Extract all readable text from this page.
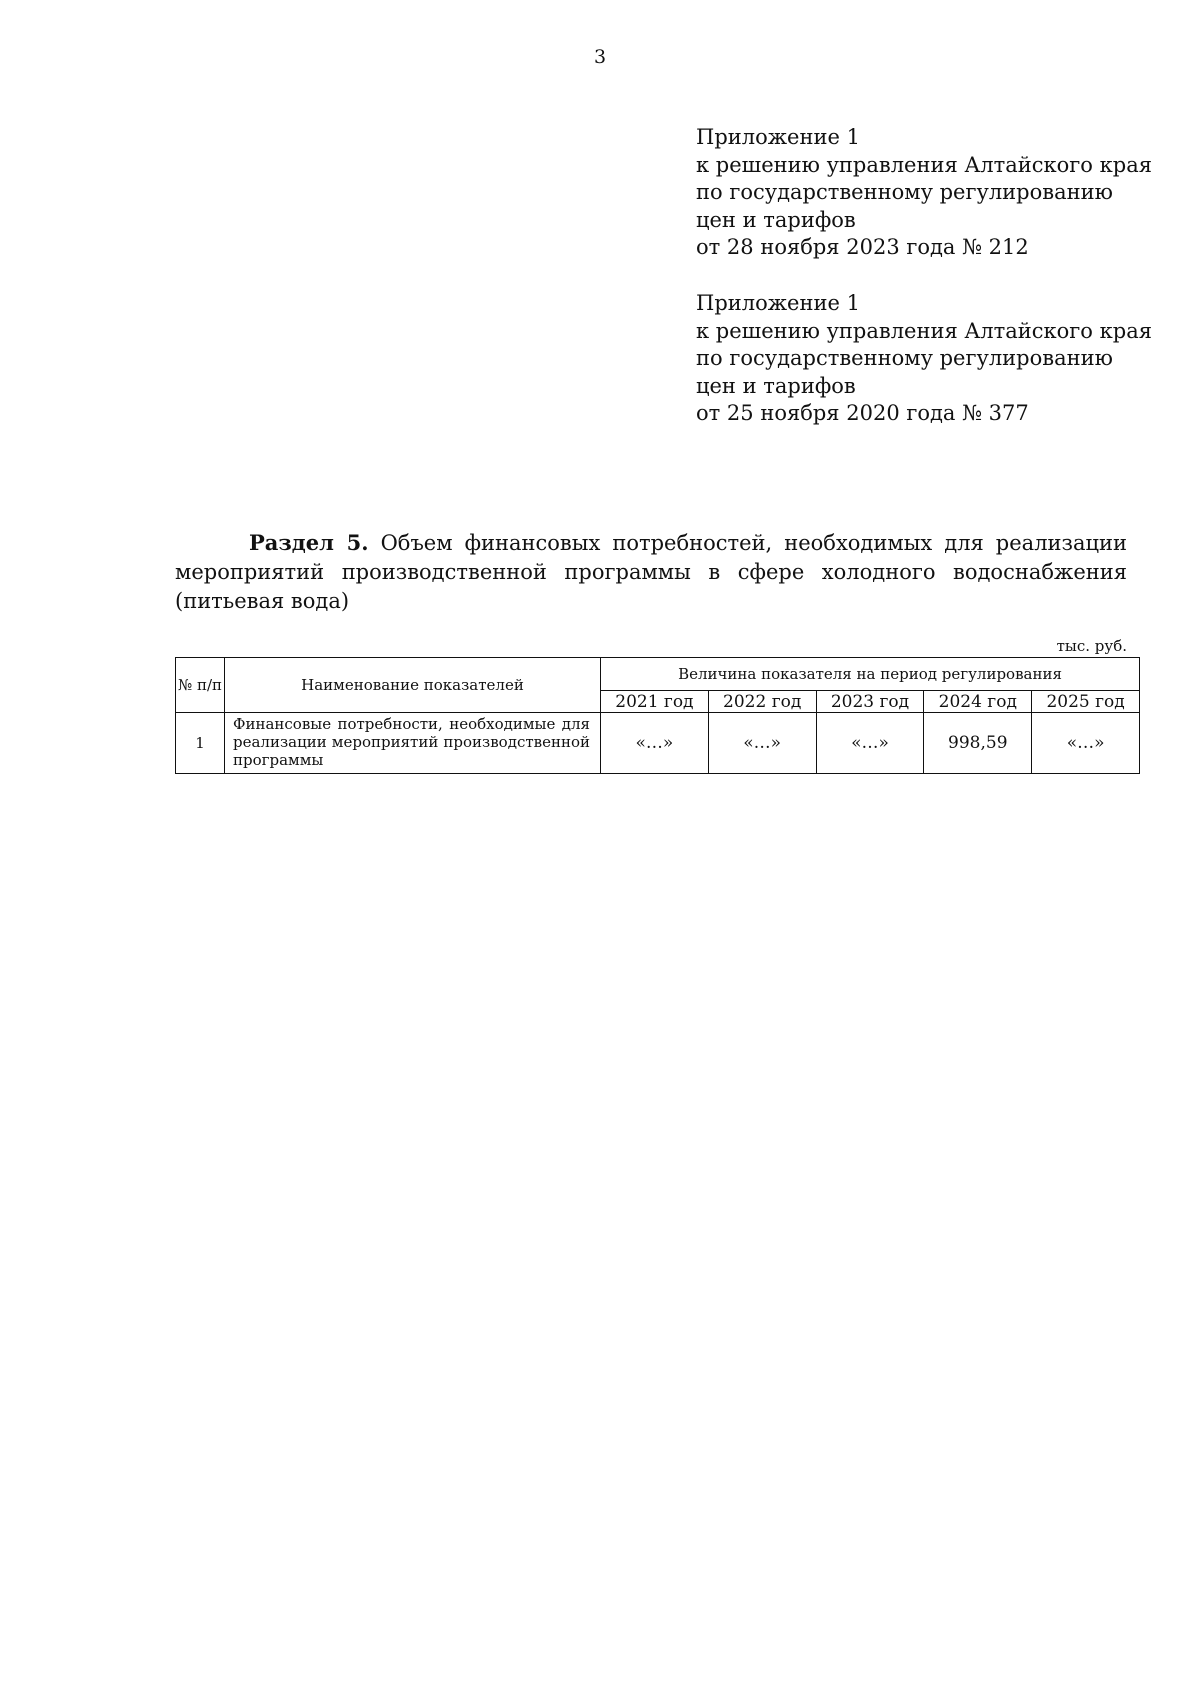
3
Приложение 1
к решению управления Алтайского края
по государственному регулированию
цен и тарифов
от 28 ноября 2023 года № 212
Приложение 1
к решению управления Алтайского края
по государственному регулированию
цен и тарифов
от 25 ноября 2020 года № 377
Раздел 5. Объем финансовых потребностей, необходимых для реализации мероприятий производственной программы в сфере холодного водоснабжения (питьевая вода)
тыс. руб.
№ п/п	Наименование показателей	Величина показателя на период регулирования				
		2021 год	2022 год	2023 год	2024 год	2025 год
1	Финансовые потребности, необходимые для реализации мероприятий производственной программы	«…»	«…»	«…»	998,59	«…»
